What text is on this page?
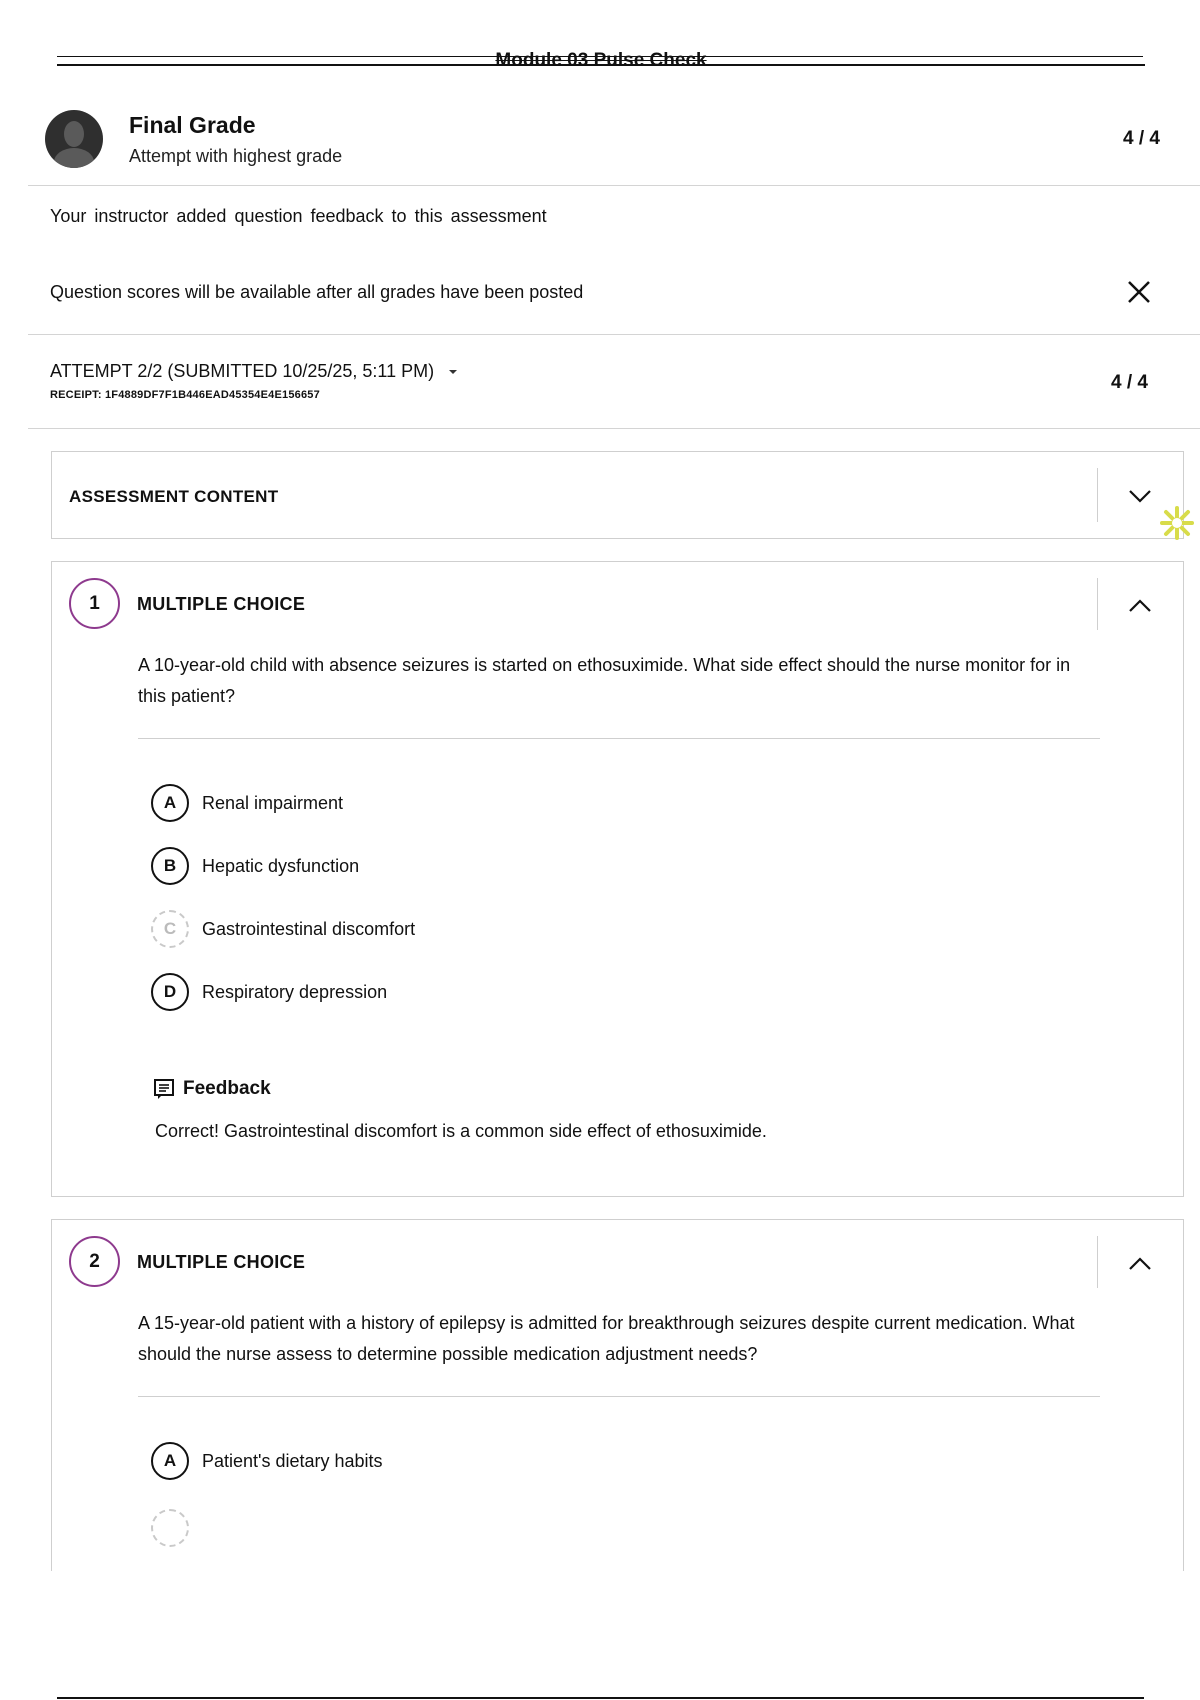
Module 03 Pulse Check
Final Grade
Attempt with highest grade
4 / 4
Your instructor added question feedback to this assessment
Question scores will be available after all grades have been posted
ATTEMPT 2/2 (SUBMITTED 10/25/25, 5:11 PM)
RECEIPT: 1F4889DF7F1B446EAD45354E4E156657
4 / 4
ASSESSMENT CONTENT
1	MULTIPLE CHOICE
A 10-year-old child with absence seizures is started on ethosuximide. What side effect should the nurse monitor for in this patient?
A	Renal impairment
B	Hepatic dysfunction
C	Gastrointestinal discomfort
D	Respiratory depression
Feedback
Correct! Gastrointestinal discomfort is a common side effect of ethosuximide.
2	MULTIPLE CHOICE
A 15-year-old patient with a history of epilepsy is admitted for breakthrough seizures despite current medication. What should the nurse assess to determine possible medication adjustment needs?
A	Patient's dietary habits
